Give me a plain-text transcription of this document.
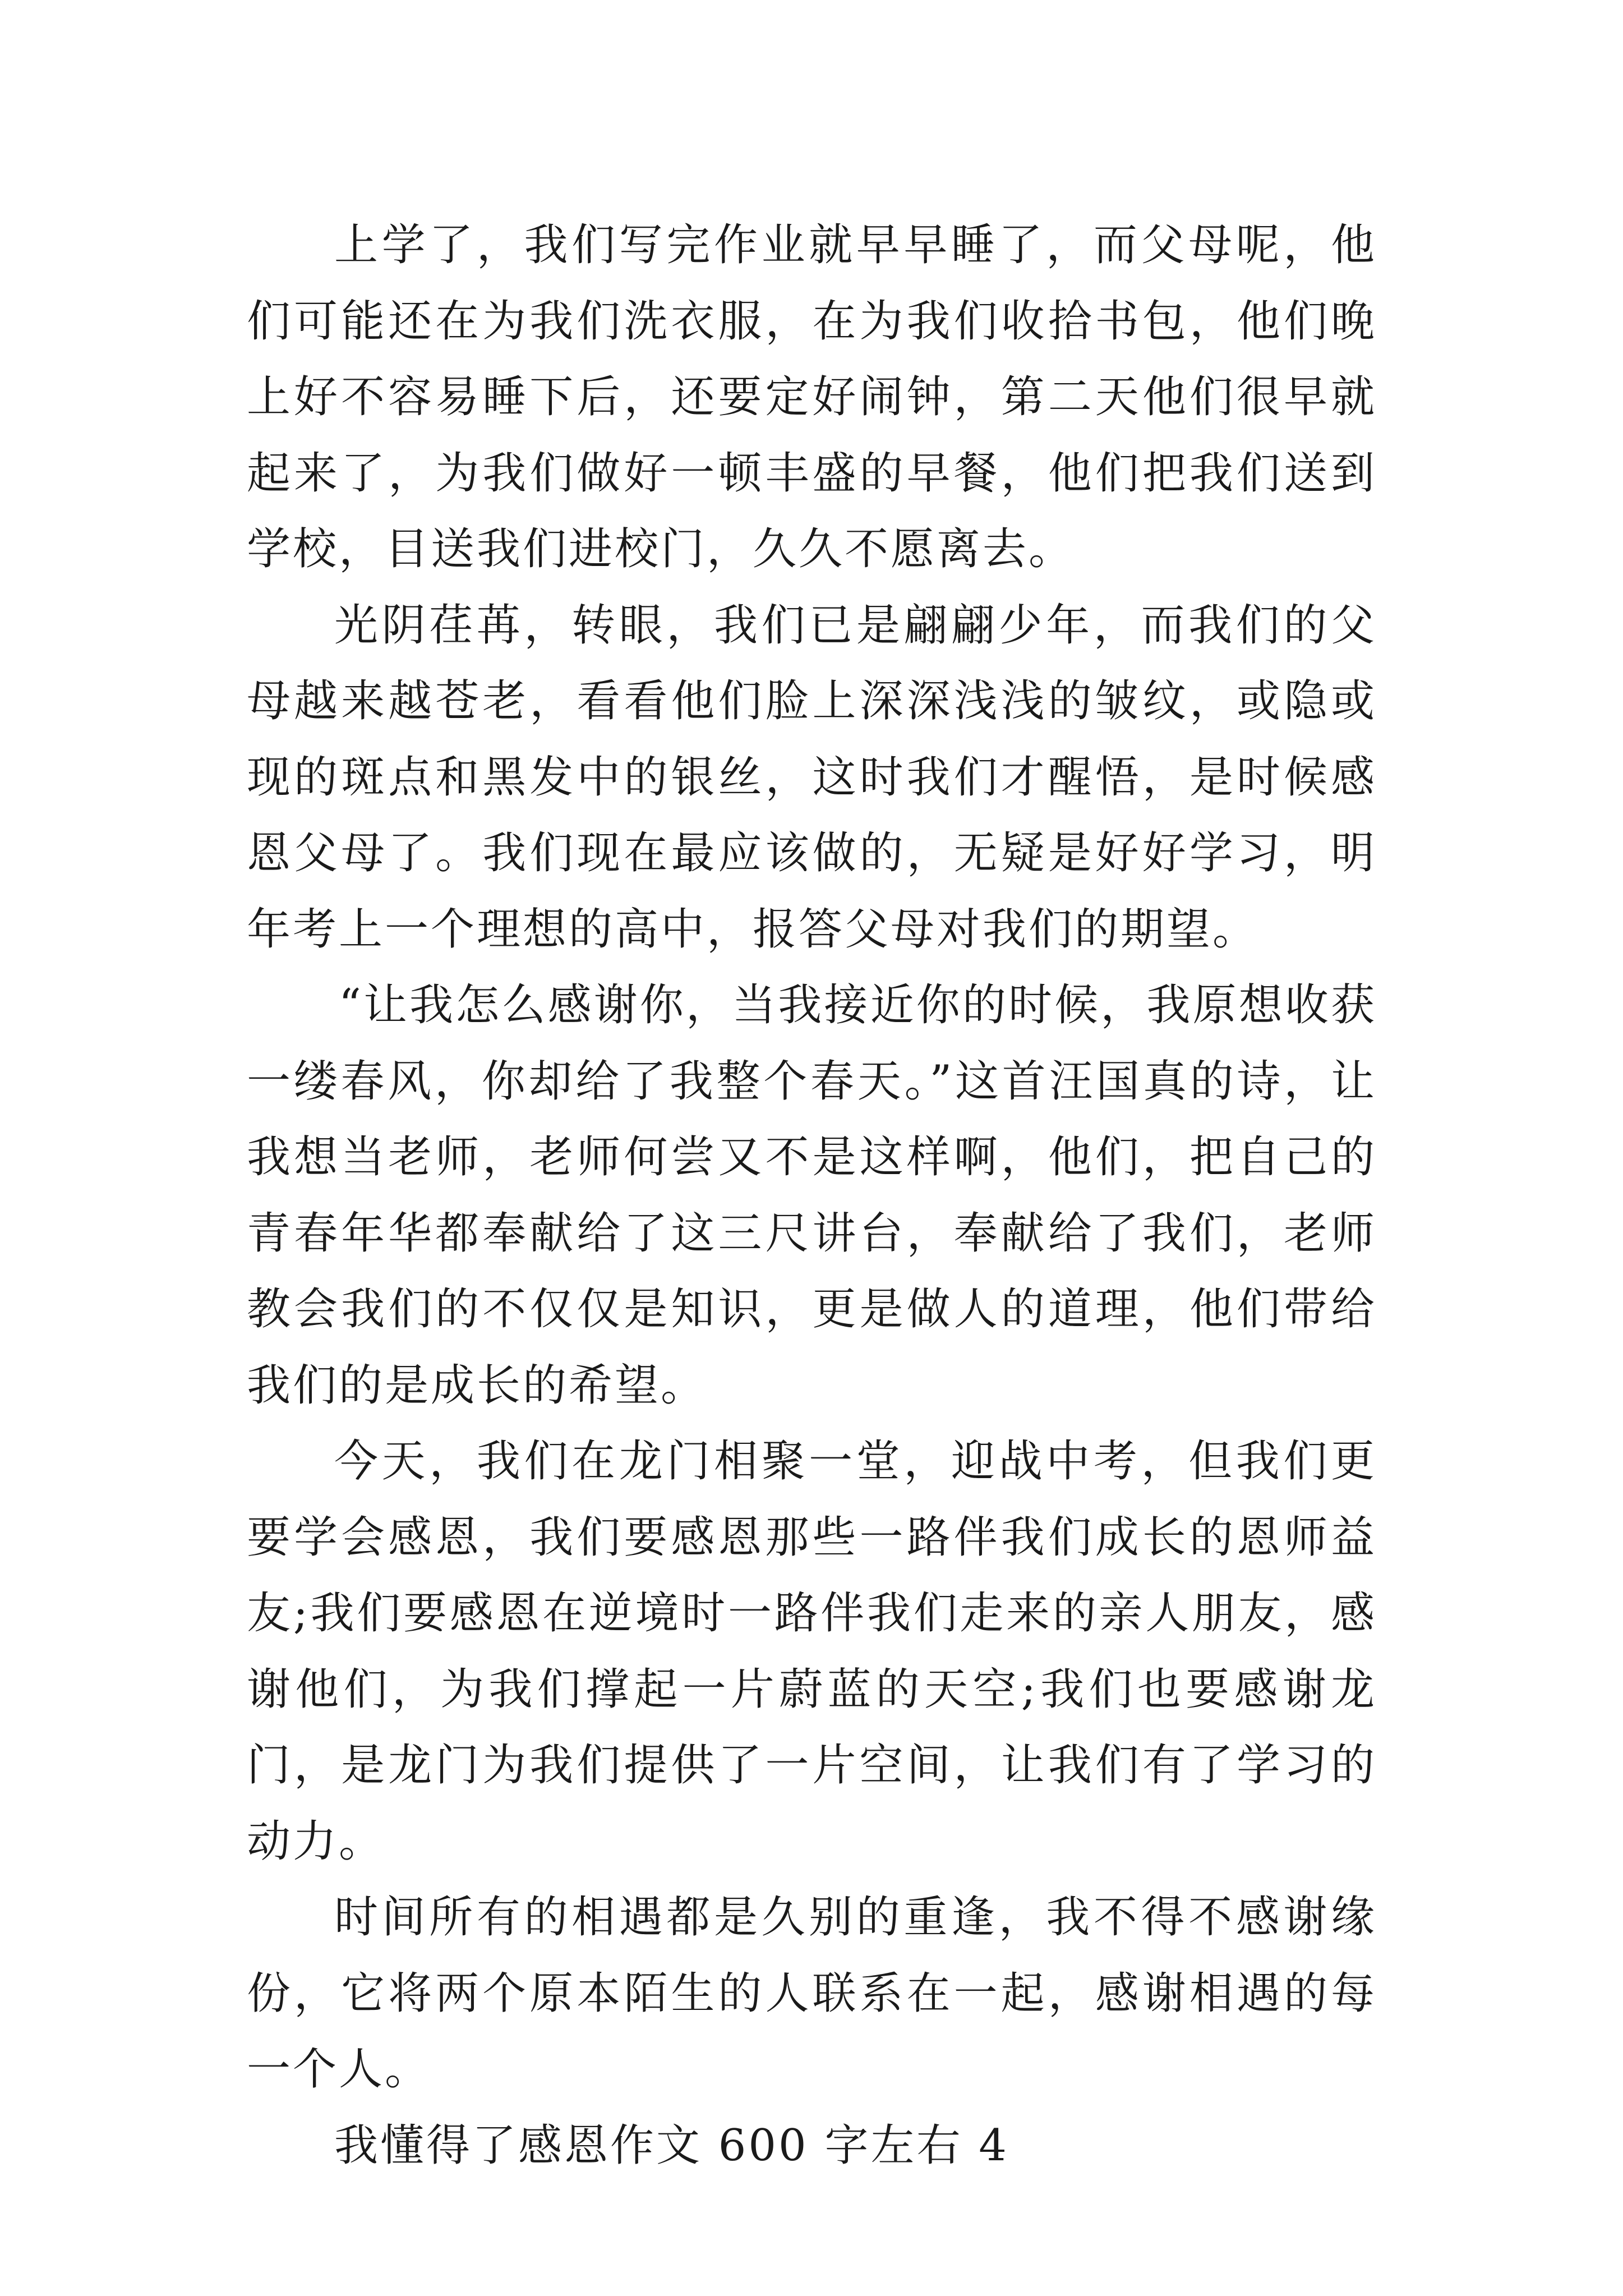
上学了，我们写完作业就早早睡了，而父母呢，他们可能还在为我们洗衣服，在为我们收拾书包，他们晚上好不容易睡下后，还要定好闹钟，第二天他们很早就起来了，为我们做好一顿丰盛的早餐，他们把我们送到学校，目送我们进校门，久久不愿离去。

光阴荏苒，转眼，我们已是翩翩少年，而我们的父母越来越苍老，看看他们脸上深深浅浅的皱纹，或隐或现的斑点和黑发中的银丝，这时我们才醒悟，是时候感恩父母了。我们现在最应该做的，无疑是好好学习，明年考上一个理想的高中，报答父母对我们的期望。

“让我怎么感谢你，当我接近你的时候，我原想收获一缕春风，你却给了我整个春天。”这首汪国真的诗，让我想当老师，老师何尝又不是这样啊，他们，把自己的青春年华都奉献给了这三尺讲台，奉献给了我们，老师教会我们的不仅仅是知识，更是做人的道理，他们带给我们的是成长的希望。

今天，我们在龙门相聚一堂，迎战中考，但我们更要学会感恩，我们要感恩那些一路伴我们成长的恩师益友;我们要感恩在逆境时一路伴我们走来的亲人朋友，感谢他们，为我们撑起一片蔚蓝的天空;我们也要感谢龙门，是龙门为我们提供了一片空间，让我们有了学习的动力。

时间所有的相遇都是久别的重逢，我不得不感谢缘份，它将两个原本陌生的人联系在一起，感谢相遇的每一个人。

我懂得了感恩作文 600 字左右 4
